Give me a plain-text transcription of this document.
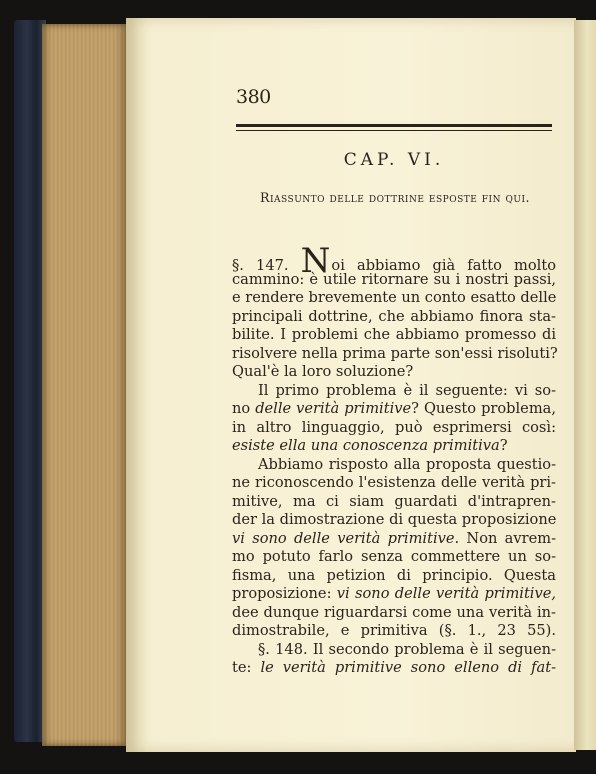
380
CAP. VI.
Riassunto delle dottrine esposte fin qui.
§. 147. Noi abbiamo già fatto molto
cammino: è utile ritornare su i nostri passi,
e rendere brevemente un conto esatto delle
principali dottrine, che abbiamo finora sta-
bilite. I problemi che abbiamo promesso di
risolvere nella prima parte son'essi risoluti?
Qual'è la loro soluzione?
Il primo problema è il seguente: vi so-
no delle verità primitive? Questo problema,
in altro linguaggio, può esprimersi così:
esiste ella una conoscenza primitiva?
Abbiamo risposto alla proposta questio-
ne riconoscendo l'esistenza delle verità pri-
mitive, ma ci siam guardati d'intrapren-
der la dimostrazione di questa proposizione
vi sono delle verità primitive. Non avrem-
mo potuto farlo senza commettere un so-
fisma, una petizion di principio. Questa
proposizione: vi sono delle verità primitive,
dee dunque riguardarsi come una verità in-
dimostrabile, e primitiva (§. 1., 23 55).
§. 148. Il secondo problema è il seguen-
te: le verità primitive sono elleno di fat-
